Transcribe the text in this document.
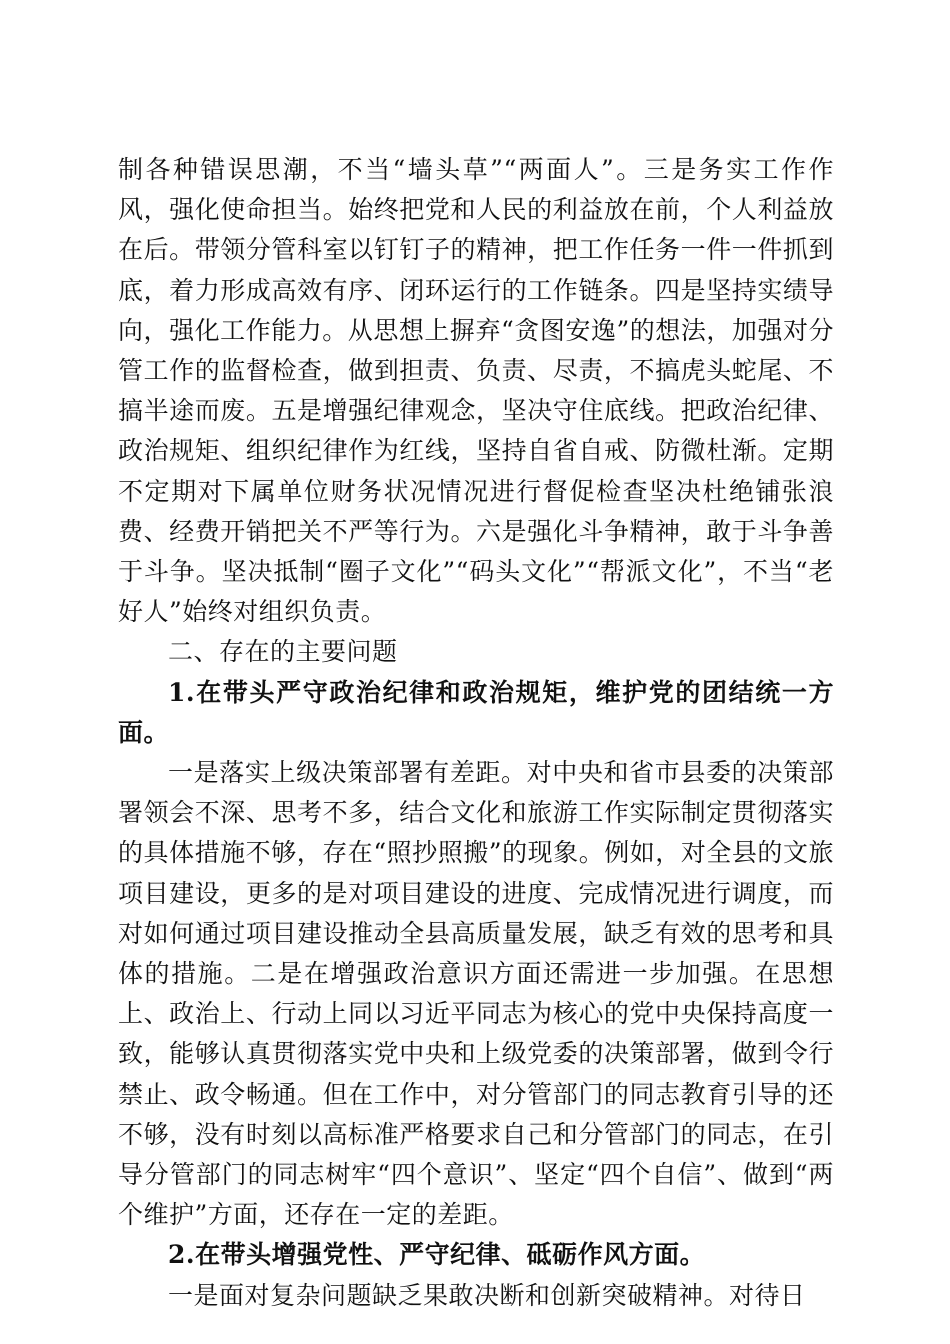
制各种错误思潮，不当“墙头草”“两面人”。三是务实工作作风，强化使命担当。始终把党和人民的利益放在前，个人利益放在后。带领分管科室以钉钉子的精神，把工作任务一件一件抓到底，着力形成高效有序、闭环运行的工作链条。四是坚持实绩导向，强化工作能力。从思想上摒弃“贪图安逸”的想法，加强对分管工作的监督检查，做到担责、负责、尽责，不搞虎头蛇尾、不搞半途而废。五是增强纪律观念，坚决守住底线。把政治纪律、政治规矩、组织纪律作为红线，坚持自省自戒、防微杜渐。定期不定期对下属单位财务状况情况进行督促检查坚决杜绝铺张浪费、经费开销把关不严等行为。六是强化斗争精神，敢于斗争善于斗争。坚决抵制“圈子文化”“码头文化”“帮派文化”，不当“老好人”始终对组织负责。

二、存在的主要问题

1.在带头严守政治纪律和政治规矩，维护党的团结统一方面。

一是落实上级决策部署有差距。对中央和省市县委的决策部署领会不深、思考不多，结合文化和旅游工作实际制定贯彻落实的具体措施不够，存在“照抄照搬”的现象。例如，对全县的文旅项目建设，更多的是对项目建设的进度、完成情况进行调度，而对如何通过项目建设推动全县高质量发展，缺乏有效的思考和具体的措施。二是在增强政治意识方面还需进一步加强。在思想上、政治上、行动上同以习近平同志为核心的党中央保持高度一致，能够认真贯彻落实党中央和上级党委的决策部署，做到令行禁止、政令畅通。但在工作中，对分管部门的同志教育引导的还不够，没有时刻以高标准严格要求自己和分管部门的同志，在引导分管部门的同志树牢“四个意识”、坚定“四个自信”、做到“两个维护”方面，还存在一定的差距。

2.在带头增强党性、严守纪律、砥砺作风方面。

一是面对复杂问题缺乏果敢决断和创新突破精神。对待日
